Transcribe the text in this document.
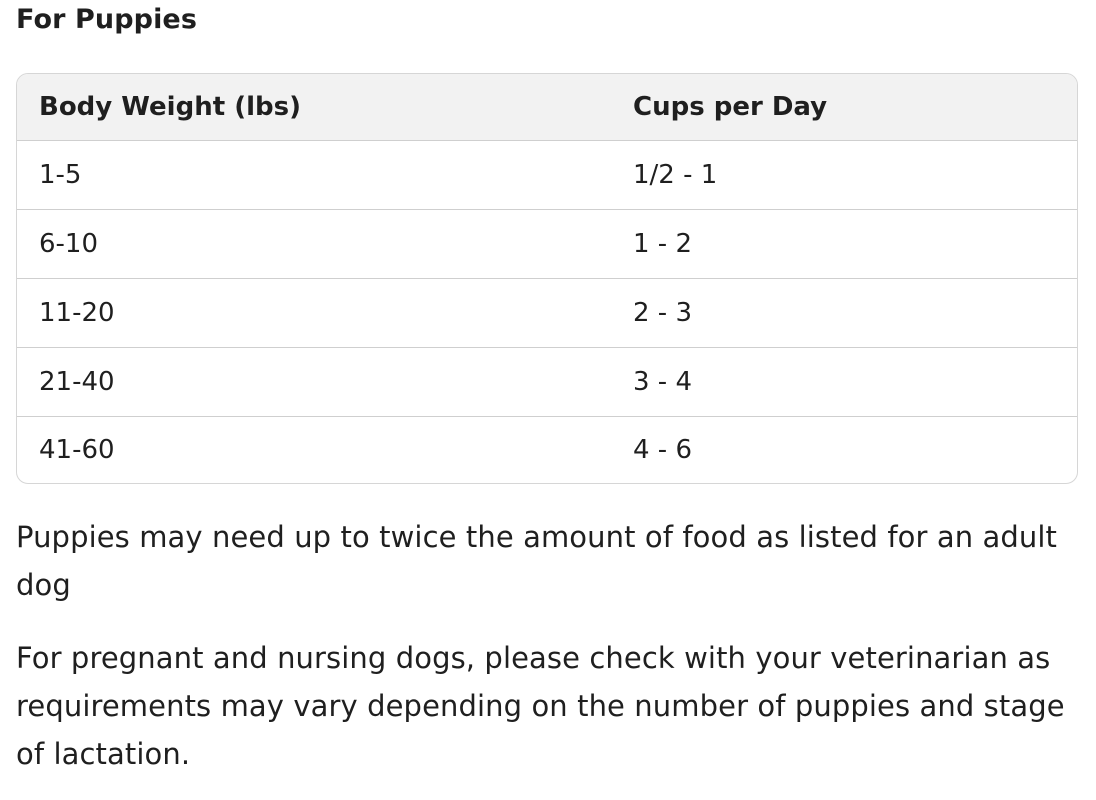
For Puppies
Body Weight (lbs)	Cups per Day
1-5	1/2 - 1
6-10	1 - 2
11-20	2 - 3
21-40	3 - 4
41-60	4 - 6

Puppies may need up to twice the amount of food as listed for an adult dog

For pregnant and nursing dogs, please check with your veterinarian as requirements may vary depending on the number of puppies and stage of lactation.
